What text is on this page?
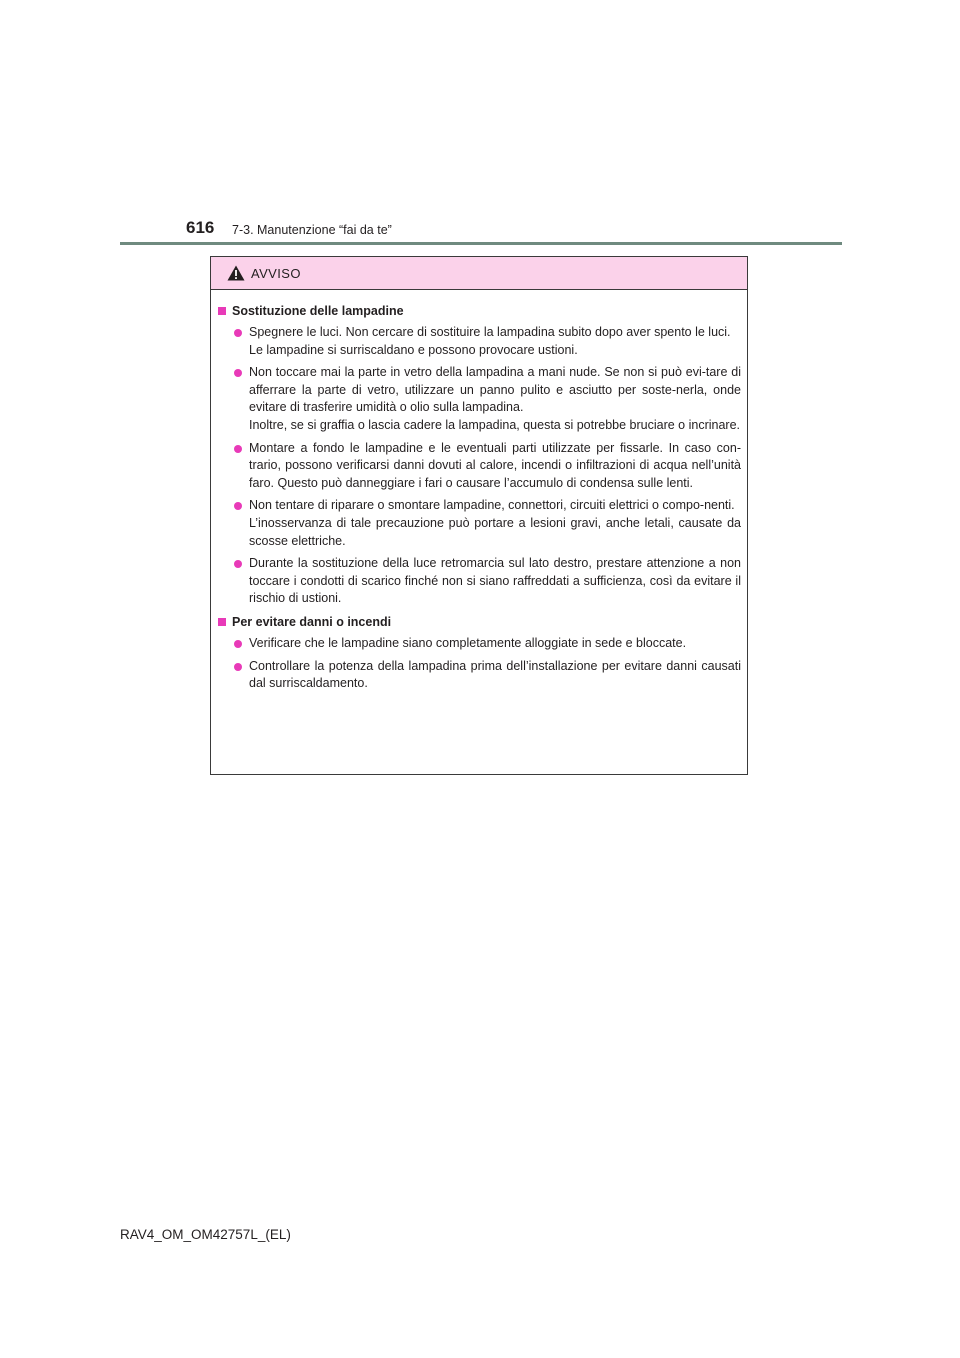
616 7-3. Manutenzione “fai da te”
AVVISO
Sostituzione delle lampadine

Spegnere le luci. Non cercare di sostituire la lampadina subito dopo aver spento le luci.

Le lampadine si surriscaldano e possono provocare ustioni.

Non toccare mai la parte in vetro della lampadina a mani nude. Se non si può evi-tare di afferrare la parte di vetro, utilizzare un panno pulito e asciutto per soste-nerla, onde evitare di trasferire umidità o olio sulla lampadina.

Inoltre, se si graffia o lascia cadere la lampadina, questa si potrebbe bruciare o incrinare.

Montare a fondo le lampadine e le eventuali parti utilizzate per fissarle. In caso con-trario, possono verificarsi danni dovuti al calore, incendi o infiltrazioni di acqua nell’unità faro. Questo può danneggiare i fari o causare l’accumulo di condensa sulle lenti.

Non tentare di riparare o smontare lampadine, connettori, circuiti elettrici o compo-nenti.

L’inosservanza di tale precauzione può portare a lesioni gravi, anche letali, causate da scosse elettriche.

Durante la sostituzione della luce retromarcia sul lato destro, prestare attenzione a non toccare i condotti di scarico finché non si siano raffreddati a sufficienza, così da evitare il rischio di ustioni.

Per evitare danni o incendi

Verificare che le lampadine siano completamente alloggiate in sede e bloccate.

Controllare la potenza della lampadina prima dell’installazione per evitare danni causati dal surriscaldamento.

RAV4_OM_OM42757L_(EL)
